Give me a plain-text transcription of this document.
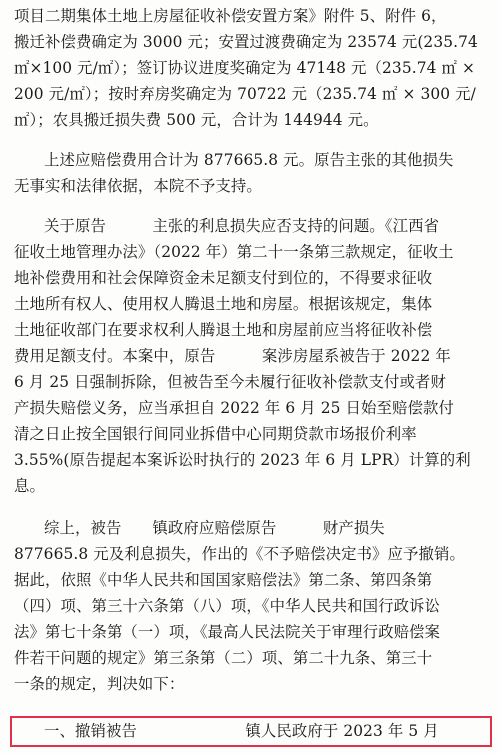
项目二期集体土地上房屋征收补偿安置方案》附件 5、附件 6，
搬迁补偿费确定为 3000 元；安置过渡费确定为 23574 元(235.74
㎡×100 元/㎡）；签订协议进度奖确定为 47148 元（235.74 ㎡ ×
200 元/㎡）；按时弃房奖确定为 70722 元（235.74 ㎡ × 300 元/
㎡）；农具搬迁损失费 500 元，合计为 144944 元。
上述应赔偿费用合计为 877665.8 元。原告主张的其他损失
无事实和法律依据，本院不予支持。
关于原告　　　主张的利息损失应否支持的问题。《江西省
征收土地管理办法》（2022 年）第二十一条第三款规定，征收土
地补偿费用和社会保障资金未足额支付到位的，不得要求征收
土地所有权人、使用权人腾退土地和房屋。根据该规定，集体
土地征收部门在要求权利人腾退土地和房屋前应当将征收补偿
费用足额支付。本案中，原告　　　案涉房屋系被告于 2022 年
6 月 25 日强制拆除，但被告至今未履行征收补偿款支付或者财
产损失赔偿义务，应当承担自 2022 年 6 月 25 日始至赔偿款付
清之日止按全国银行间同业拆借中心同期贷款市场报价利率
3.55%(原告提起本案诉讼时执行的 2023 年 6 月 LPR）计算的利
息。
综上，被告　　镇政府应赔偿原告　　　财产损失
877665.8 元及利息损失，作出的《不予赔偿决定书》应予撤销。
据此，依照《中华人民共和国国家赔偿法》第二条、第四条第
（四）项、第三十六条第（八）项，《中华人民共和国行政诉讼
法》第七十条第（一）项，《最高人民法院关于审理行政赔偿案
件若干问题的规定》第三条第（二）项、第二十九条、第三十
一条的规定，判决如下：
一、撤销被告　　　　　　　镇人民政府于 2023 年 5 月
